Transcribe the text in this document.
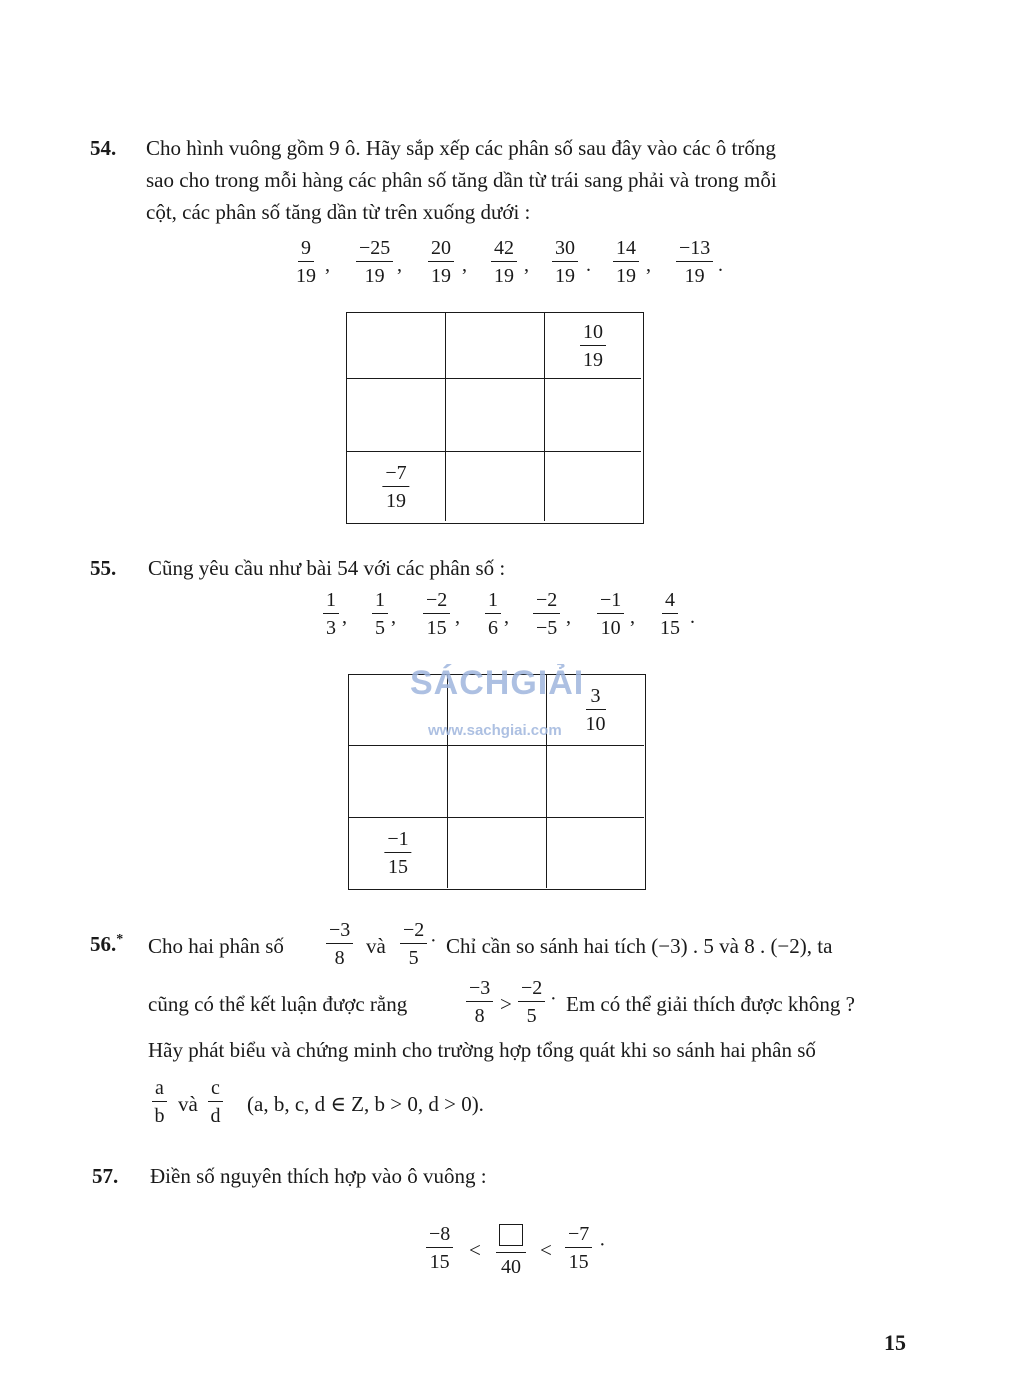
54. Cho hình vuông gồm 9 ô. Hãy sắp xếp các phân số sau đây vào các ô trống
sao cho trong mỗi hàng các phân số tăng dần từ trái sang phải và trong mỗi
cột, các phân số tăng dần từ trên xuống dưới :
$\frac{9}{19}$ , $\frac{-25}{19}$ , $\frac{20}{19}$ , $\frac{42}{19}$ , $\frac{30}{19}$ . $\frac{14}{19}$ , $\frac{-13}{19}$ .
$\frac{10}{19}$
$\frac{-7}{19}$
55. Cũng yêu cầu như bài 54 với các phân số :
$\frac{1}{3}$ , $\frac{1}{5}$ , $\frac{-2}{15}$ , $\frac{1}{6}$ , $\frac{-2}{-5}$ , $\frac{-1}{10}$ , $\frac{4}{15}$ .
$\frac{3}{10}$
$\frac{-1}{15}$
SÁCHGIẢI
www.sachgiai.com
56.* Cho hai phân số $\frac{-3}{8}$ và $\frac{-2}{5}$ · Chỉ cần so sánh hai tích (−3) . 5 và 8 . (−2), ta
cũng có thể kết luận được rằng	$\frac{-3}{8} > \frac{-2}{5} \cdot Em$ có thể giải thích được không ?
Hãy phát biểu và chứng minh cho trường hợp tổng quát khi so sánh hai phân số
$\frac{a}{b}$ và $\frac{c}{d} (a$, b, c, d ∈ Z, b > 0, d > 0).
57. Điền số nguyên thích hợp vào ô vuông :
$\frac{-8}{15}$ <
40
< $\frac{-7}{15}$ ·
15
